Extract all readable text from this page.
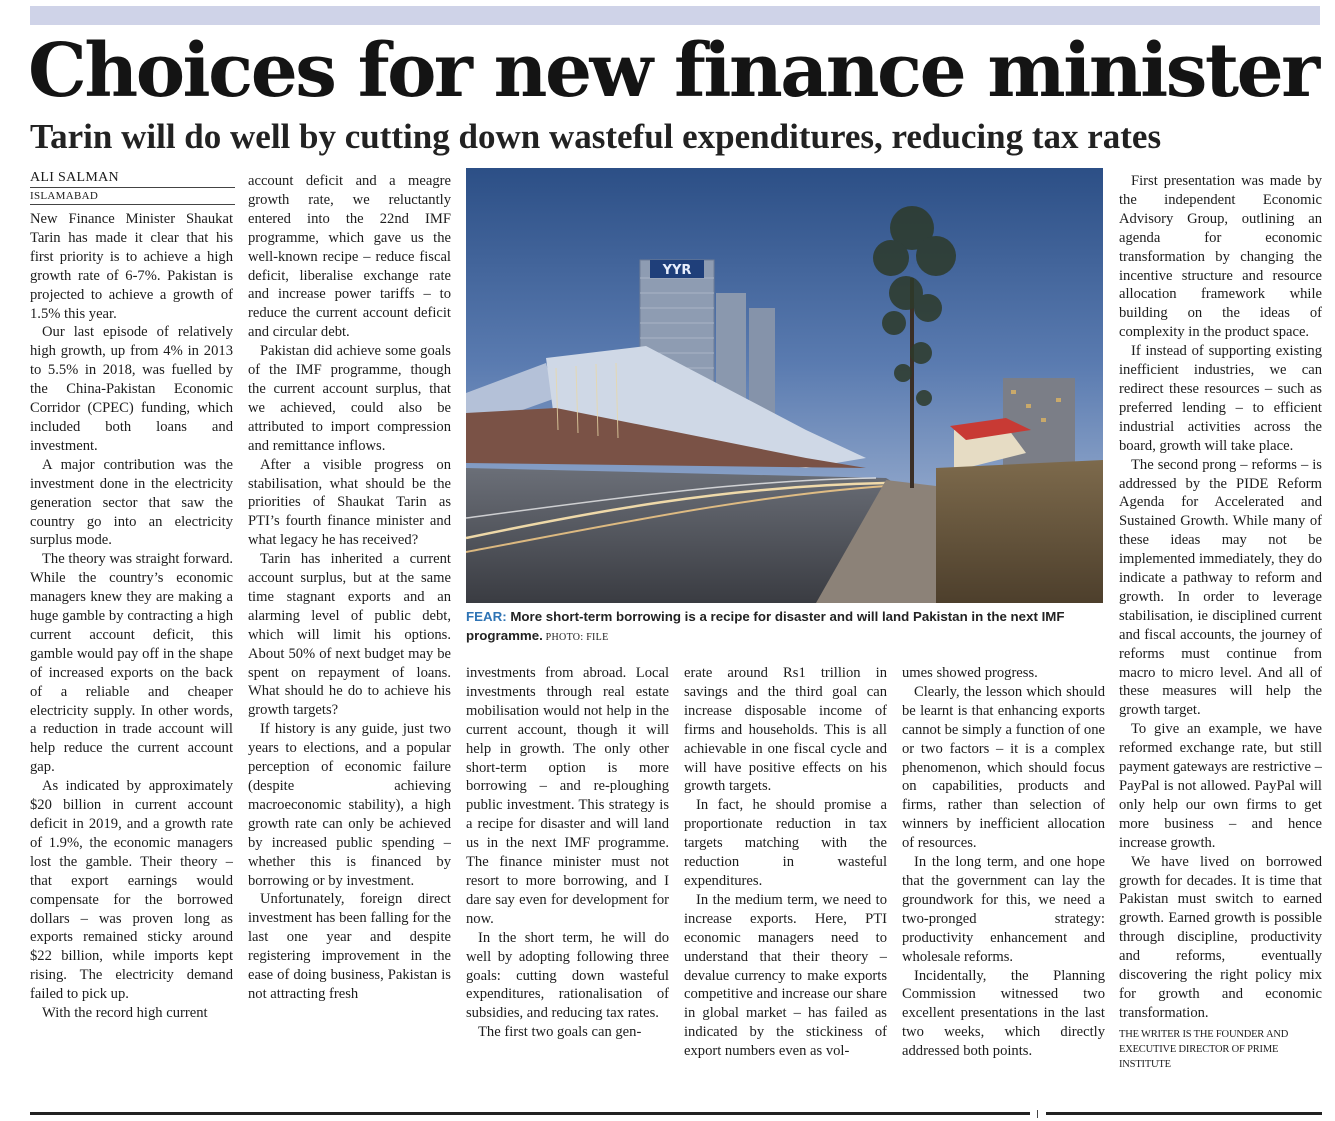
Choices for new finance minister
Tarin will do well by cutting down wasteful expenditures, reducing tax rates
ALI SALMAN
ISLAMABAD

New Finance Minister Shaukat Tarin has made it clear that his first priority is to achieve a high growth rate of 6-7%. Pakistan is projected to achieve a growth of 1.5% this year.

Our last episode of relatively high growth, up from 4% in 2013 to 5.5% in 2018, was fuelled by the China-Pakistan Economic Corridor (CPEC) funding, which included both loans and investment.

A major contribution was the investment done in the electricity generation sector that saw the country go into an electricity surplus mode.

The theory was straight forward. While the country’s economic managers knew they are making a huge gamble by contracting a high current account deficit, this gamble would pay off in the shape of increased exports on the back of a reliable and cheaper electricity supply. In other words, a reduction in trade account will help reduce the current account gap.

As indicated by approximately $20 billion in current account deficit in 2019, and a growth rate of 1.9%, the economic managers lost the gamble. Their theory – that export earnings would compensate for the borrowed dollars – was proven long as exports remained sticky around $22 billion, while imports kept rising. The electricity demand failed to pick up.

With the record high current

account deficit and a meagre growth rate, we reluctantly entered into the 22nd IMF programme, which gave us the well-known recipe – reduce fiscal deficit, liberalise exchange rate and increase power tariffs – to reduce the current account deficit and circular debt.

Pakistan did achieve some goals of the IMF programme, though the current account surplus, that we achieved, could also be attributed to import compression and remittance inflows.

After a visible progress on stabilisation, what should be the priorities of Shaukat Tarin as PTI’s fourth finance minister and what legacy he has received?

Tarin has inherited a current account surplus, but at the same time stagnant exports and an alarming level of public debt, which will limit his options. About 50% of next budget may be spent on repayment of loans. What should he do to achieve his growth targets?

If history is any guide, just two years to elections, and a popular perception of economic failure (despite achieving macroeconomic stability), a high growth rate can only be achieved by increased public spending – whether this is financed by borrowing or by investment.

Unfortunately, foreign direct investment has been falling for the last one year and despite registering improvement in the ease of doing business, Pakistan is not attracting fresh

YYR
FEAR: More short-term borrowing is a recipe for disaster and will land Pakistan in the next IMF programme. PHOTO: FILE

investments from abroad. Local investments through real estate mobilisation would not help in the current account, though it will help in growth. The only other short-term option is more borrowing – and re-ploughing public investment. This strategy is a recipe for disaster and will land us in the next IMF programme. The finance minister must not resort to more borrowing, and I dare say even for development for now.

In the short term, he will do well by adopting following three goals: cutting down wasteful expenditures, rationalisation of subsidies, and reducing tax rates.

The first two goals can gen-

erate around Rs1 trillion in savings and the third goal can increase disposable income of firms and households. This is all achievable in one fiscal cycle and will have positive effects on his growth targets.

In fact, he should promise a proportionate reduction in tax targets matching with the reduction in wasteful expenditures.

In the medium term, we need to increase exports. Here, PTI economic managers need to understand that their theory – devalue currency to make exports competitive and increase our share in global market – has failed as indicated by the stickiness of export numbers even as vol-

umes showed progress.

Clearly, the lesson which should be learnt is that enhancing exports cannot be simply a function of one or two factors – it is a complex phenomenon, which should focus on capabilities, products and firms, rather than selection of winners by inefficient allocation of resources.

In the long term, and one hope that the government can lay the groundwork for this, we need a two-pronged strategy: productivity enhancement and wholesale reforms.

Incidentally, the Planning Commission witnessed two excellent presentations in the last two weeks, which directly addressed both points.

First presentation was made by the independent Economic Advisory Group, outlining an agenda for economic transformation by changing the incentive structure and resource allocation framework while building on the ideas of complexity in the product space.

If instead of supporting existing inefficient industries, we can redirect these resources – such as preferred lending – to efficient industrial activities across the board, growth will take place.

The second prong – reforms – is addressed by the PIDE Reform Agenda for Accelerated and Sustained Growth. While many of these ideas may not be implemented immediately, they do indicate a pathway to reform and growth. In order to leverage stabilisation, ie disciplined current and fiscal accounts, the journey of reforms must continue from macro to micro level. And all of these measures will help the growth target.

To give an example, we have reformed exchange rate, but still payment gateways are restrictive – PayPal is not allowed. PayPal will only help our own firms to get more business – and hence increase growth.

We have lived on borrowed growth for decades. It is time that Pakistan must switch to earned growth. Earned growth is possible through discipline, productivity and reforms, eventually discovering the right policy mix for growth and economic transformation.

THE WRITER IS THE FOUNDER AND EXECUTIVE DIRECTOR OF PRIME INSTITUTE
